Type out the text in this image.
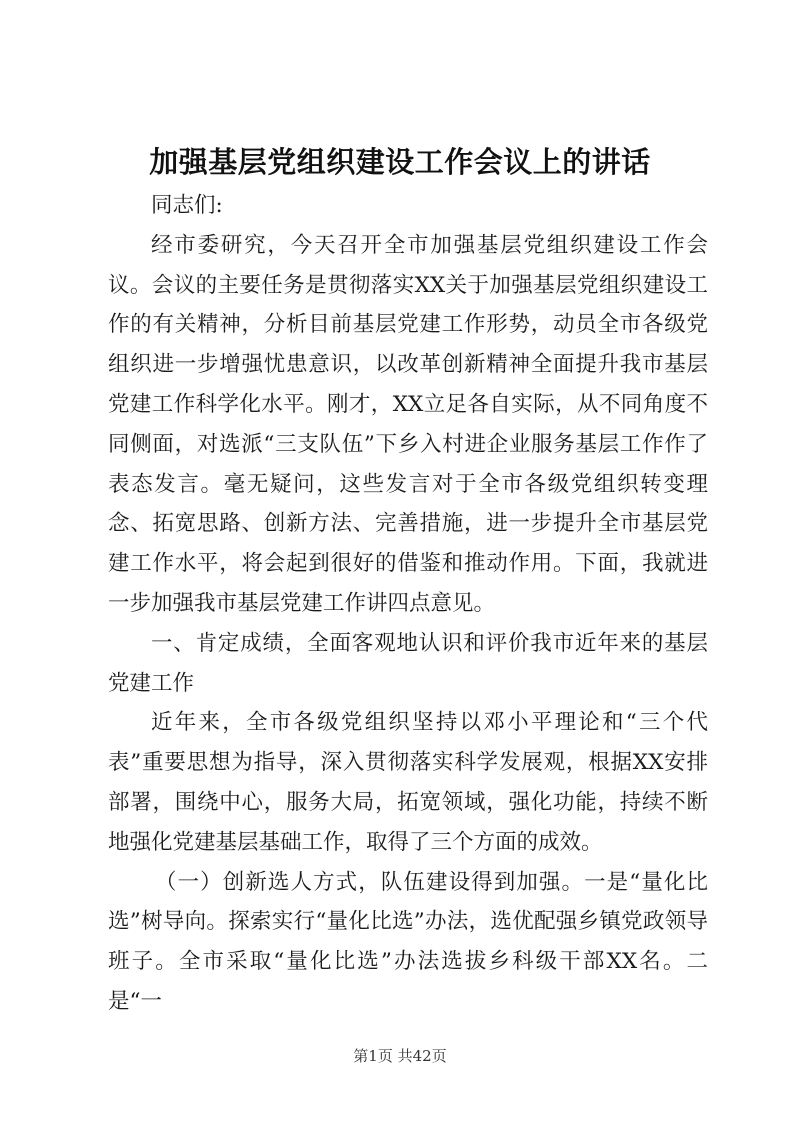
加强基层党组织建设工作会议上的讲话

同志们:

经市委研究，今天召开全市加强基层党组织建设工作会议。会议的主要任务是贯彻落实XX关于加强基层党组织建设工作的有关精神，分析目前基层党建工作形势，动员全市各级党组织进一步增强忧患意识，以改革创新精神全面提升我市基层党建工作科学化水平。刚才，XX立足各自实际，从不同角度不同侧面，对选派“三支队伍”下乡入村进企业服务基层工作作了表态发言。毫无疑问，这些发言对于全市各级党组织转变理念、拓宽思路、创新方法、完善措施，进一步提升全市基层党建工作水平，将会起到很好的借鉴和推动作用。下面，我就进一步加强我市基层党建工作讲四点意见。

一、肯定成绩，全面客观地认识和评价我市近年来的基层党建工作

近年来，全市各级党组织坚持以邓小平理论和“三个代表”重要思想为指导，深入贯彻落实科学发展观，根据XX安排部署，围绕中心，服务大局，拓宽领域，强化功能，持续不断地强化党建基层基础工作，取得了三个方面的成效。

（一）创新选人方式，队伍建设得到加强。一是“量化比选”树导向。探索实行“量化比选”办法，选优配强乡镇党政领导班子。全市采取“量化比选”办法选拔乡科级干部XX名。二是“一

第1页 共42页
